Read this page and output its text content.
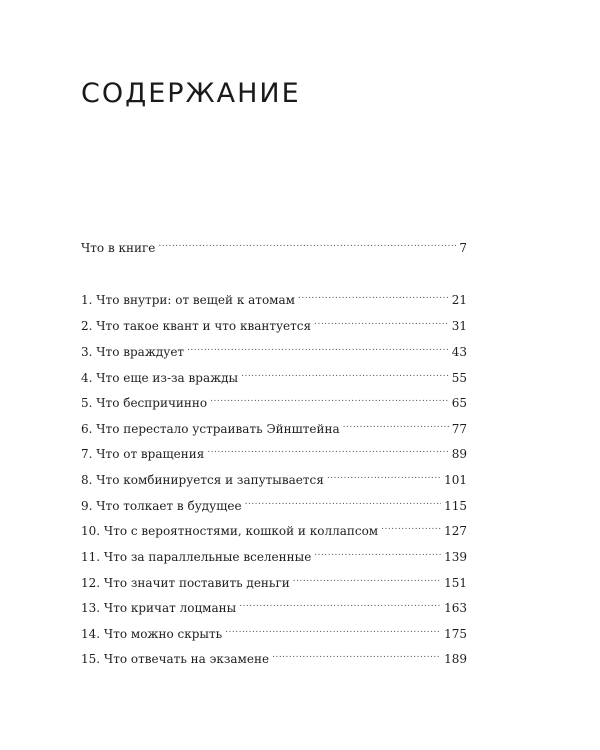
СОДЕРЖАНИЕ
Что в книге .....	7
1. Что внутри: от вещей к атомам .....	21
2. Что такое квант и что квантуется .....	31
3. Что враждует .....	43
4. Что еще из-за вражды .....	55
5. Что беспричинно .....	65
6. Что перестало устраивать Эйнштейна .....	77
7. Что от вращения .....	89
8. Что комбинируется и запутывается .....	101
9. Что толкает в будущее .....	115
10. Что с вероятностями, кошкой и коллапсом .....	127
11. Что за параллельные вселенные .....	139
12. Что значит поставить деньги .....	151
13. Что кричат лоцманы .....	163
14. Что можно скрыть .....	175
15. Что отвечать на экзамене .....	189
